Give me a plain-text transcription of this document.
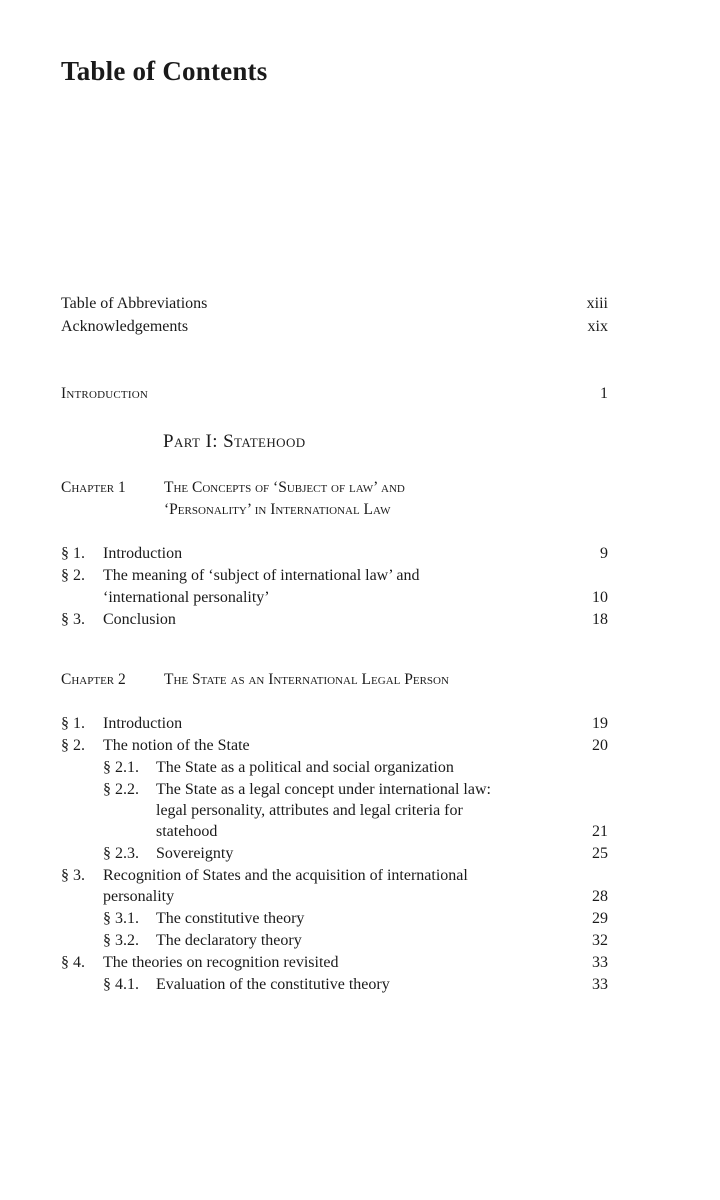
Table of Contents
Table of Abbreviations	xiii
Acknowledgements	xix
Introduction	1
Part I: Statehood
Chapter 1 The Concepts of ‘Subject of law’ and
‘Personality’ in International Law
§ 1. Introduction	9
§ 2. The meaning of ‘subject of international law’ and
‘international personality’	10
§ 3. Conclusion	18
Chapter 2 The State as an International Legal Person
§ 1. Introduction	19
§ 2. The notion of the State	20
§ 2.1. The State as a political and social organization
§ 2.2. The State as a legal concept under international law:
legal personality, attributes and legal criteria for
statehood	21
§ 2.3. Sovereignty	25
§ 3. Recognition of States and the acquisition of international
personality	28
§ 3.1. The constitutive theory	29
§ 3.2. The declaratory theory	32
§ 4. The theories on recognition revisited	33
§ 4.1. Evaluation of the constitutive theory	33
